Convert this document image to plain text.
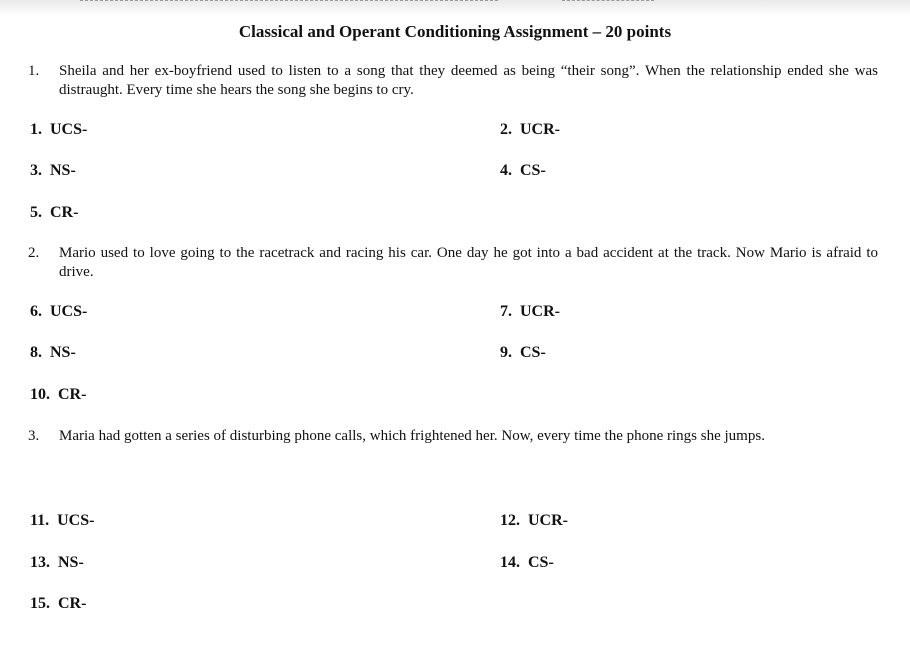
Classical and Operant Conditioning Assignment – 20 points
1. Sheila and her ex-boyfriend used to listen to a song that they deemed as being “their song”. When the relationship ended she was distraught. Every time she hears the song she begins to cry.
1.  UCS-	2.  UCR-
3.  NS-	4.  CS-
5.  CR-
2. Mario used to love going to the racetrack and racing his car. One day he got into a bad accident at the track. Now Mario is afraid to drive.
6.  UCS-	7.  UCR-
8.  NS-	9.  CS-
10.  CR-
3. Maria had gotten a series of disturbing phone calls, which frightened her. Now, every time the phone rings she jumps.
11.  UCS-	12.  UCR-
13.  NS-	14.  CS-
15.  CR-
